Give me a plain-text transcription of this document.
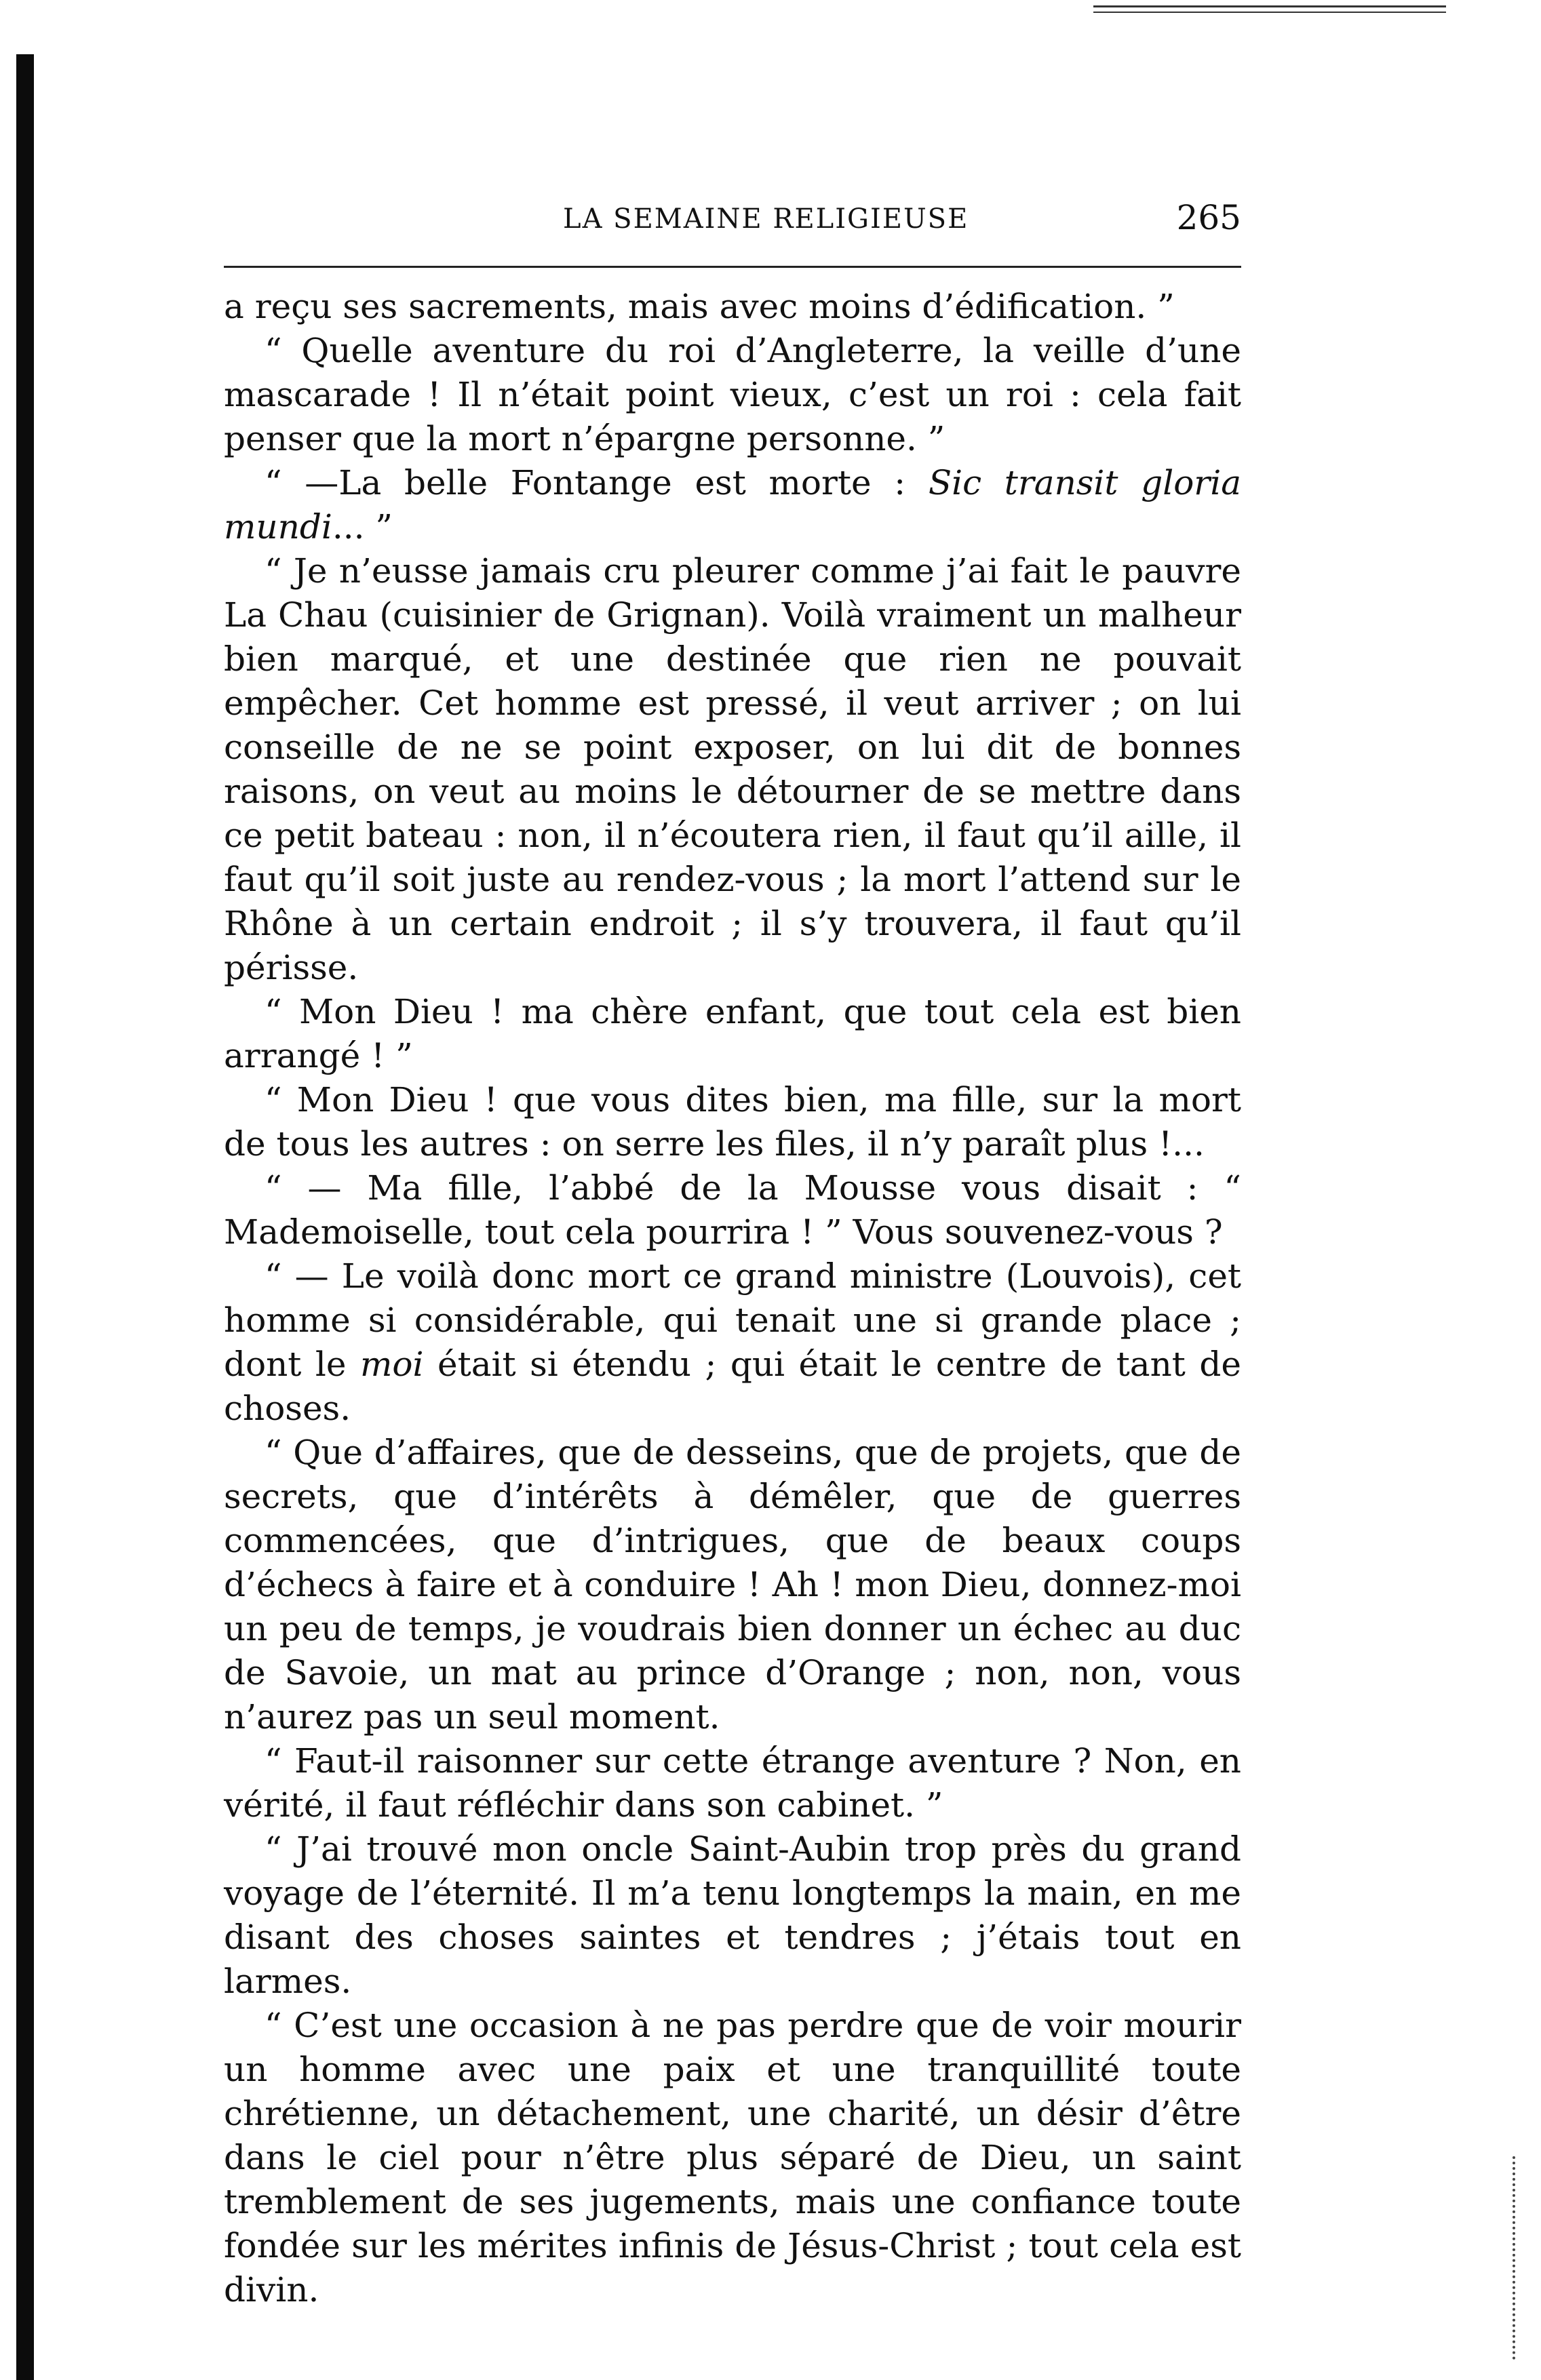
LA SEMAINE RELIGIEUSE	265

a reçu ses sacrements, mais avec moins d’édification. ”

“ Quelle aventure du roi d’Angleterre, la veille d’une mascarade ! Il n’était point vieux, c’est un roi : cela fait penser que la mort n’épargne personne. ”

“ —La belle Fontange est morte : Sic transit gloria mundi... ”

“ Je n’eusse jamais cru pleurer comme j’ai fait le pauvre La Chau (cuisinier de Grignan). Voilà vraiment un malheur bien marqué, et une destinée que rien ne pouvait empêcher. Cet homme est pressé, il veut arriver ; on lui conseille de ne se point exposer, on lui dit de bonnes raisons, on veut au moins le détourner de se mettre dans ce petit bateau : non, il n’écoutera rien, il faut qu’il aille, il faut qu’il soit juste au rendez-vous ; la mort l’attend sur le Rhône à un certain endroit ; il s’y trouvera, il faut qu’il périsse.

“ Mon Dieu ! ma chère enfant, que tout cela est bien arrangé ! ”

“ Mon Dieu ! que vous dites bien, ma fille, sur la mort de tous les autres : on serre les files, il n’y paraît plus !...

“ — Ma fille, l’abbé de la Mousse vous disait : “ Mademoiselle, tout cela pourrira ! ” Vous souvenez-vous ?

“ — Le voilà donc mort ce grand ministre (Louvois), cet homme si considérable, qui tenait une si grande place ; dont le moi était si étendu ; qui était le centre de tant de choses.

“ Que d’affaires, que de desseins, que de projets, que de secrets, que d’intérêts à démêler, que de guerres commencées, que d’intrigues, que de beaux coups d’échecs à faire et à conduire ! Ah ! mon Dieu, donnez-moi un peu de temps, je voudrais bien donner un échec au duc de Savoie, un mat au prince d’Orange ; non, non, vous n’aurez pas un seul moment.

“ Faut-il raisonner sur cette étrange aventure ? Non, en vérité, il faut réfléchir dans son cabinet. ”

“ J’ai trouvé mon oncle Saint-Aubin trop près du grand voyage de l’éternité. Il m’a tenu longtemps la main, en me disant des choses saintes et tendres ; j’étais tout en larmes.

“ C’est une occasion à ne pas perdre que de voir mourir un homme avec une paix et une tranquillité toute chrétienne, un détachement, une charité, un désir d’être dans le ciel pour n’être plus séparé de Dieu, un saint tremblement de ses jugements, mais une confiance toute fondée sur les mérites infinis de Jésus-Christ ; tout cela est divin.
